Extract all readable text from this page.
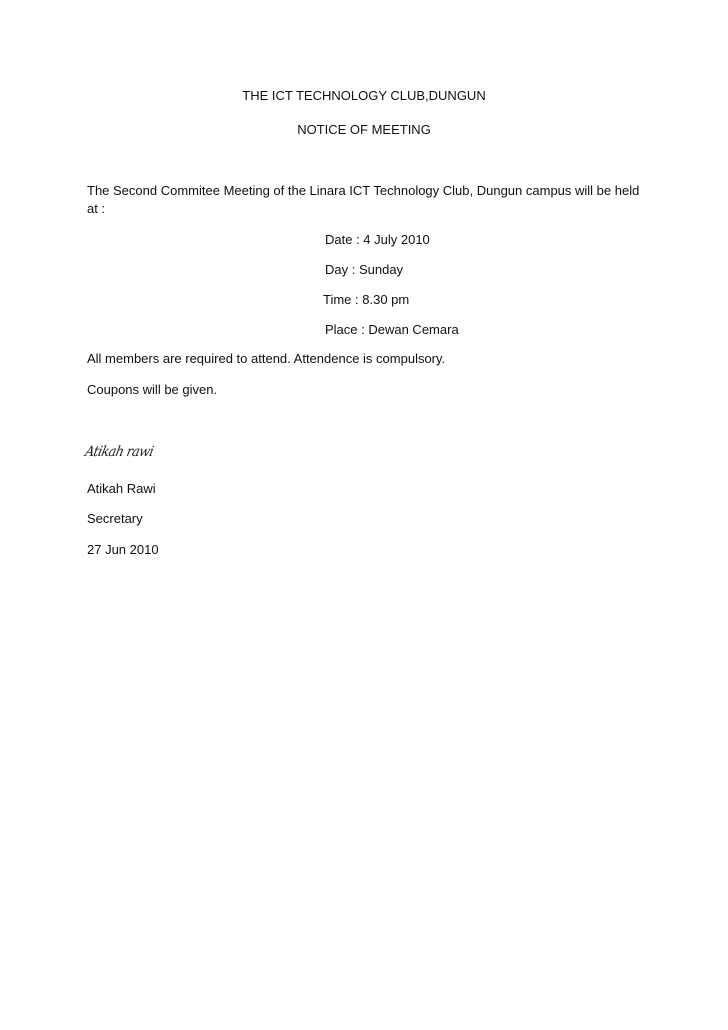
THE ICT TECHNOLOGY CLUB,DUNGUN
NOTICE OF MEETING
The Second Commitee Meeting of the Linara ICT Technology Club, Dungun campus will be held at :
Date : 4 July 2010
Day : Sunday
Time : 8.30 pm
Place : Dewan Cemara
All members are required to attend. Attendence is compulsory.
Coupons will be given.
Atikah rawi
Atikah Rawi
Secretary
27 Jun 2010
